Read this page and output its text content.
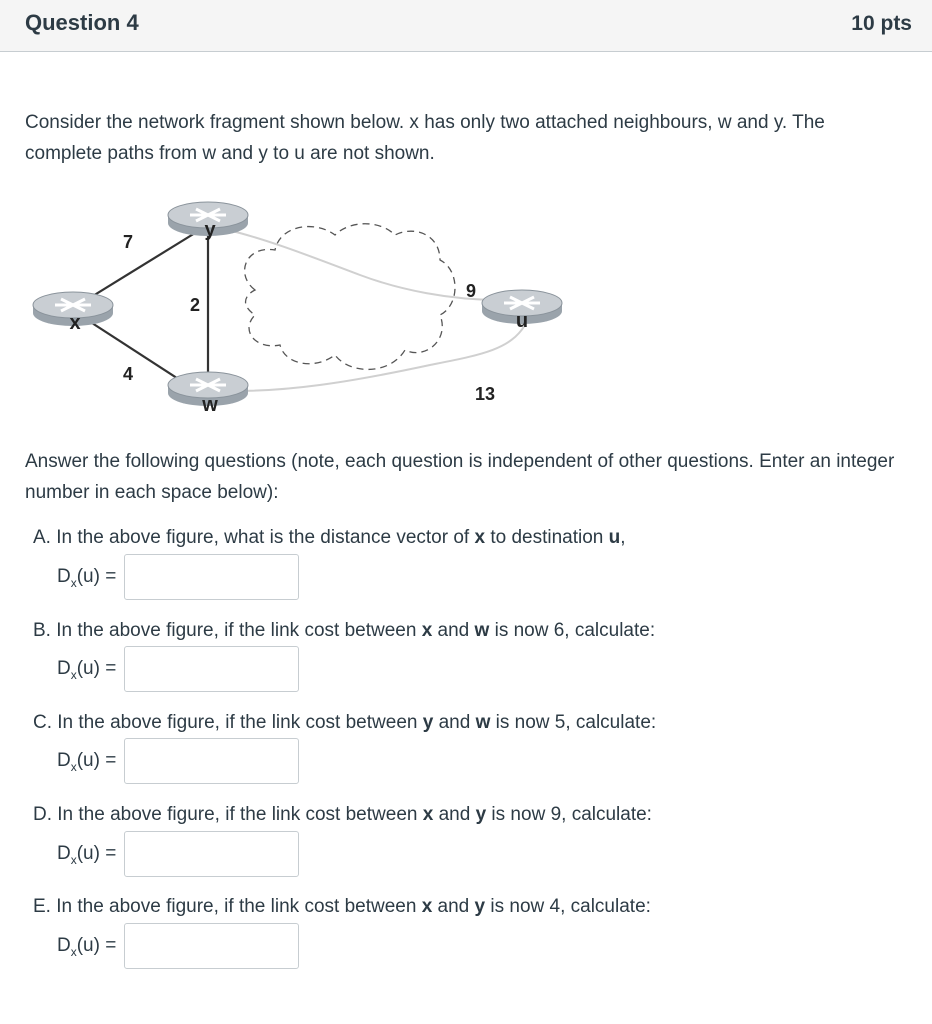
Question 4	10 pts
Consider the network fragment shown below. x has only two attached neighbours, w and y. The complete paths from w and y to u are not shown.
y
x
w
u
7
4
2
9
13
Answer the following questions (note, each question is independent of other questions. Enter an integer number in each space below):
A. In the above figure, what is the distance vector of x to destination u,
$D_x(u)$ =
B. In the above figure, if the link cost between x and w is now 6, calculate:
$D_x(u)$ =
C. In the above figure, if the link cost between y and w is now 5, calculate:
$D_x(u)$ =
D. In the above figure, if the link cost between x and y is now 9, calculate:
$D_x(u)$ =
E. In the above figure, if the link cost between x and y is now 4, calculate:
$D_x(u)$ =
